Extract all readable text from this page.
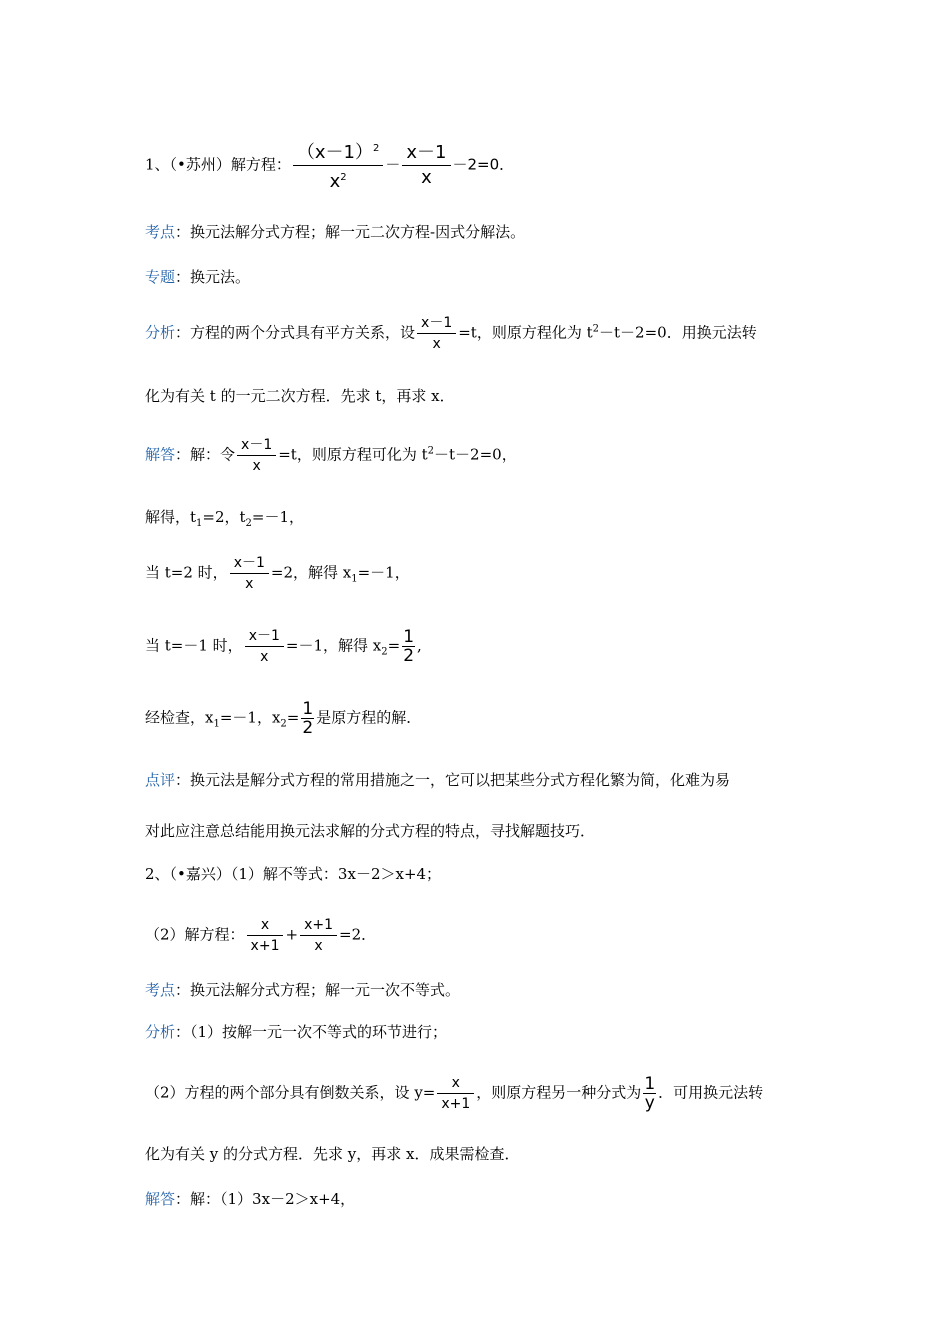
1、（•苏州）解方程： $\frac{(x-1)^2}{x^2} - \frac{x-1}{x} -2=0$．
考点：换元法解分式方程；解一元二次方程-因式分解法。
专题：换元法。
分析：方程的两个分式具有平方关系，设 $\frac{x-1}{x} =t$，则原方程化为 $t^2-t-2=0$．用换元法转
化为有关 t 的一元二次方程．先求 t，再求 x．
解答：解：令 $\frac{x-1}{x} =t$，则原方程可化为 $t^2-t-2=0$，
解得，$t_1=2$，$t_2=-1$，
当 t=2 时， $\frac{x-1}{x} =2$，解得 $x_1=-1$，
当 t=－1 时， $\frac{x-1}{x} =-1$，解得 $x_2= \frac{1}{2}$ ,
经检查，$x_1=-1$，$x_2= \frac{1}{2}$ 是原方程的解．
点评：换元法是解分式方程的常用措施之一，它可以把某些分式方程化繁为简，化难为易
对此应注意总结能用换元法求解的分式方程的特点，寻找解题技巧．
2、（•嘉兴）（1）解不等式：3x－2＞x+4；
（2）解方程： $\frac{x}{x+1} + \frac{x+1}{x} =2$．
考点：换元法解分式方程；解一元一次不等式。
分析：（1）按解一元一次不等式的环节进行；
（2）方程的两个部分具有倒数关系，设 $y= \frac{x}{x+1}$ ，则原方程另一种分式为 $\frac{1}{y}$ ．可用换元法转
化为有关 y 的分式方程．先求 y，再求 x．成果需检查．
解答：解：（1）3x－2＞x+4，
